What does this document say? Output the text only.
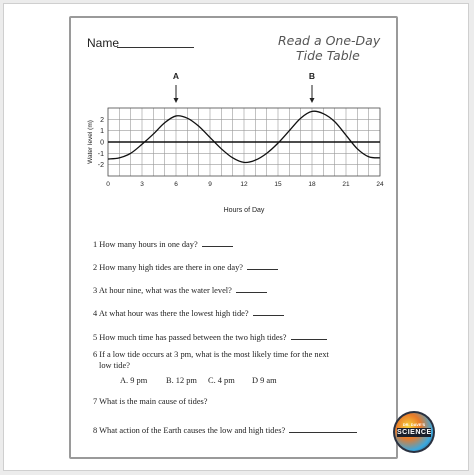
Name	Read a One-Day
Tide Table
0	3	6	9	12	15	18	21	24
2
1
0
-1
-2
Hours of Day
Water level (m)
A	B
1 How many hours in one day?
2 How many high tides are there in one day?
3 At hour nine, what was the water level?
4 At what hour was there the lowest high tide?
5 How much time has passed between the two high tides?
6 If a low tide occurs at 3 pm, what is the most likely time for the next
low tide?
7 What is the main cause of tides?
8 What action of the Earth causes the low and high tides?
A. 9 pm B. 12 pm C. 4 pm D 9 am
DR. DAVE'S
SCIENCE
